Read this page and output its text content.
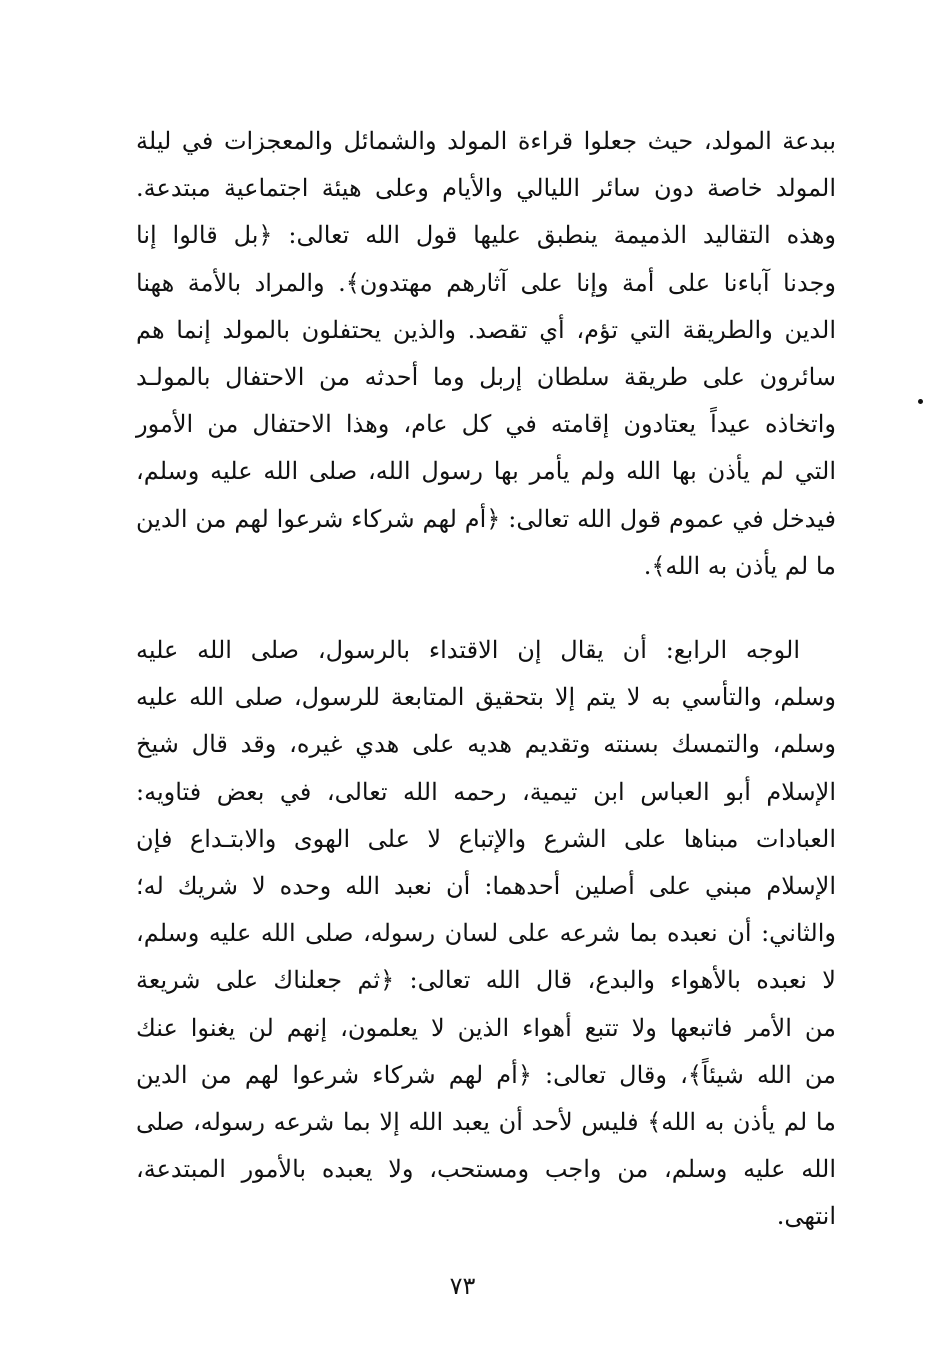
ببدعة المولد، حيث جعلوا قراءة المولد والشمائل والمعجزات في ليلة
المولد خاصة دون سائر الليالي والأيام وعلى هيئة اجتماعية مبتدعة.
وهذه التقاليد الذميمة ينطبق عليها قول الله تعالى: ﴿بل قالوا إنا
وجدنا آباءنا على أمة وإنا على آثارهم مهتدون﴾. والمراد بالأمة ههنا
الدين والطريقة التي تؤم، أي تقصد. والذين يحتفلون بالمولد إنما هم
سائرون على طريقة سلطان إربل وما أحدثه من الاحتفال بالمولـد
واتخاذه عيداً يعتادون إقامته في كل عام، وهذا الاحتفال من الأمور
التي لم يأذن بها الله ولم يأمر بها رسول الله، صلى الله عليه وسلم،
فيدخل في عموم قول الله تعالى: ﴿أم لهم شركاء شرعوا لهم من الدين
ما لم يأذن به الله﴾.
الوجه الرابع: أن يقال إن الاقتداء بالرسول، صلى الله عليه
وسلم، والتأسي به لا يتم إلا بتحقيق المتابعة للرسول، صلى الله عليه
وسلم، والتمسك بسنته وتقديم هديه على هدي غيره، وقد قال شيخ
الإسلام أبو العباس ابن تيمية، رحمه الله تعالى، في بعض فتاويه:
العبادات مبناها على الشرع والإتباع لا على الهوى والابتـداع فإن
الإسلام مبني على أصلين أحدهما: أن نعبد الله وحده لا شريك له؛
والثاني: أن نعبده بما شرعه على لسان رسوله، صلى الله عليه وسلم،
لا نعبده بالأهواء والبدع، قال الله تعالى: ﴿ثم جعلناك على شريعة
من الأمر فاتبعها ولا تتبع أهواء الذين لا يعلمون، إنهم لن يغنوا عنك
من الله شيئاً﴾، وقال تعالى: ﴿أم لهم شركاء شرعوا لهم من الدين
ما لم يأذن به الله﴾ فليس لأحد أن يعبد الله إلا بما شرعه رسوله، صلى
الله عليه وسلم، من واجب ومستحب، ولا يعبده بالأمور المبتدعة،
انتهى.
٧٣
